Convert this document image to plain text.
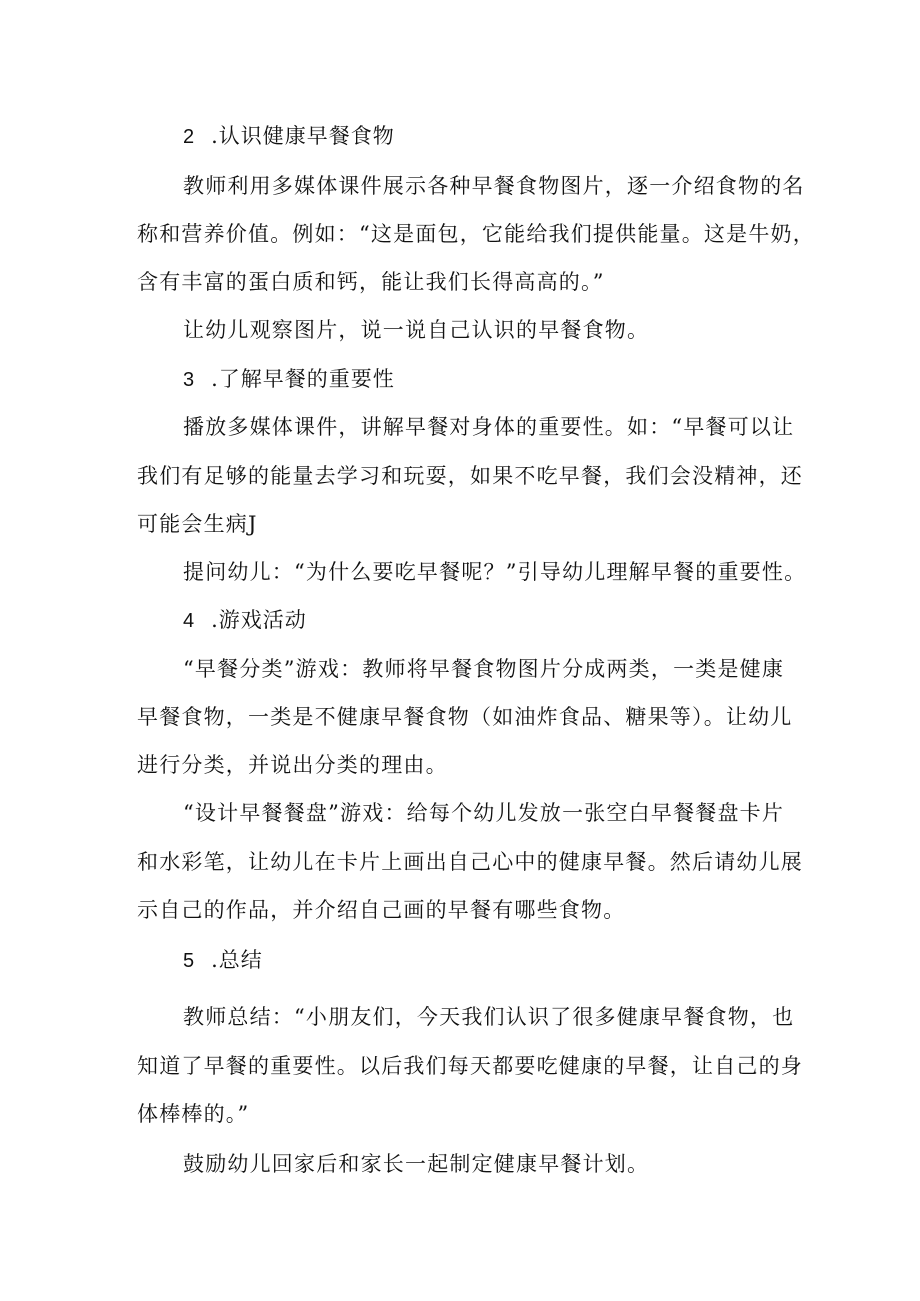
2 .认识健康早餐食物
教师利用多媒体课件展示各种早餐食物图片，逐一介绍食物的名
称和营养价值。例如：“这是面包，它能给我们提供能量。这是牛奶，
含有丰富的蛋白质和钙，能让我们长得高高的。”
让幼儿观察图片，说一说自己认识的早餐食物。
3 .了解早餐的重要性
播放多媒体课件，讲解早餐对身体的重要性。如：“早餐可以让
我们有足够的能量去学习和玩耍，如果不吃早餐，我们会没精神，还
可能会生病J
提问幼儿：“为什么要吃早餐呢？”引导幼儿理解早餐的重要性。
4 .游戏活动
“早餐分类”游戏：教师将早餐食物图片分成两类，一类是健康
早餐食物，一类是不健康早餐食物（如油炸食品、糖果等）。让幼儿
进行分类，并说出分类的理由。
“设计早餐餐盘”游戏：给每个幼儿发放一张空白早餐餐盘卡片
和水彩笔，让幼儿在卡片上画出自己心中的健康早餐。然后请幼儿展
示自己的作品，并介绍自己画的早餐有哪些食物。
5 .总结
教师总结：“小朋友们，今天我们认识了很多健康早餐食物，也
知道了早餐的重要性。以后我们每天都要吃健康的早餐，让自己的身
体棒棒的。”
鼓励幼儿回家后和家长一起制定健康早餐计划。
